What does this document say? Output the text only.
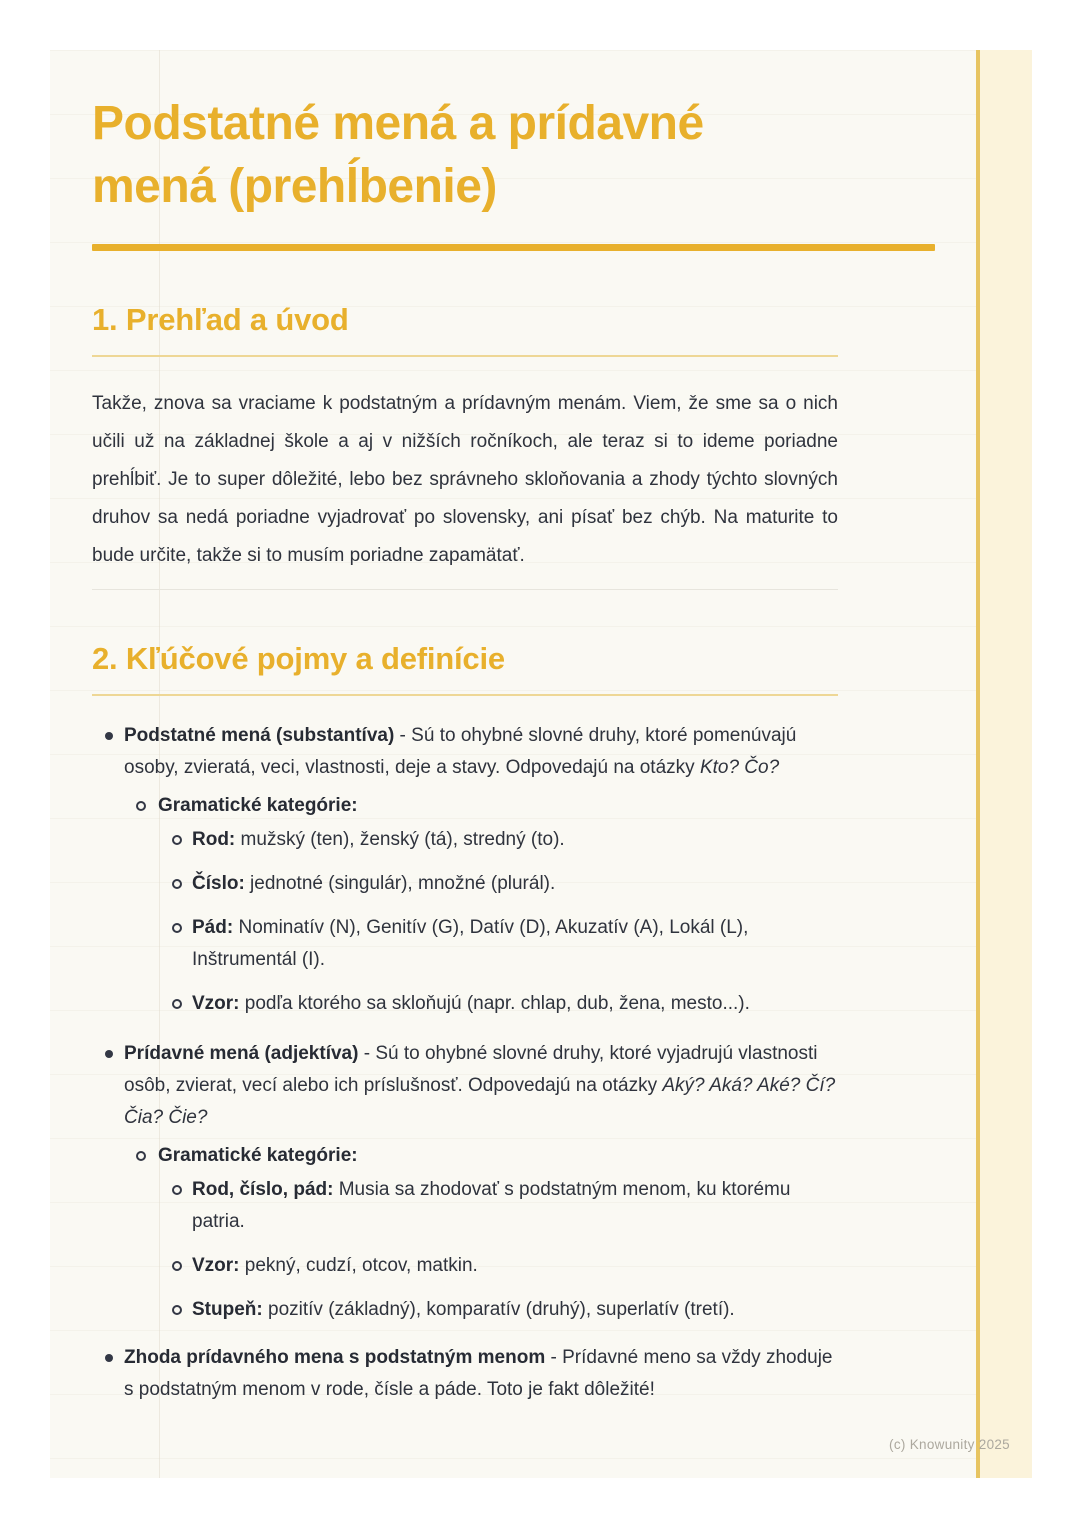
Podstatné mená a prídavné mená (prehĺbenie)
1. Prehľad a úvod

Takže, znova sa vraciame k podstatným a prídavným menám. Viem, že sme sa o nich učili už na základnej škole a aj v nižších ročníkoch, ale teraz si to ideme poriadne prehĺbiť. Je to super dôležité, lebo bez správneho skloňovania a zhody týchto slovných druhov sa nedá poriadne vyjadrovať po slovensky, ani písať bez chýb. Na maturite to bude určite, takže si to musím poriadne zapamätať.

2. Kľúčové pojmy a definície
Podstatné mená (substantíva) - Sú to ohybné slovné druhy, ktoré pomenúvajú osoby, zvieratá, veci, vlastnosti, deje a stavy. Odpovedajú na otázky Kto? Čo?
Gramatické kategórie:
Rod: mužský (ten), ženský (tá), stredný (to).
Číslo: jednotné (singulár), množné (plurál).
Pád: Nominatív (N), Genitív (G), Datív (D), Akuzatív (A), Lokál (L), Inštrumentál (I).
Vzor: podľa ktorého sa skloňujú (napr. chlap, dub, žena, mesto...).
Prídavné mená (adjektíva) - Sú to ohybné slovné druhy, ktoré vyjadrujú vlastnosti osôb, zvierat, vecí alebo ich príslušnosť. Odpovedajú na otázky Aký? Aká? Aké? Čí? Čia? Čie?
Gramatické kategórie:
Rod, číslo, pád: Musia sa zhodovať s podstatným menom, ku ktorému patria.
Vzor: pekný, cudzí, otcov, matkin.
Stupeň: pozitív (základný), komparatív (druhý), superlatív (tretí).
Zhoda prídavného mena s podstatným menom - Prídavné meno sa vždy zhoduje s podstatným menom v rode, čísle a páde. Toto je fakt dôležité!
(c) Knowunity 2025
